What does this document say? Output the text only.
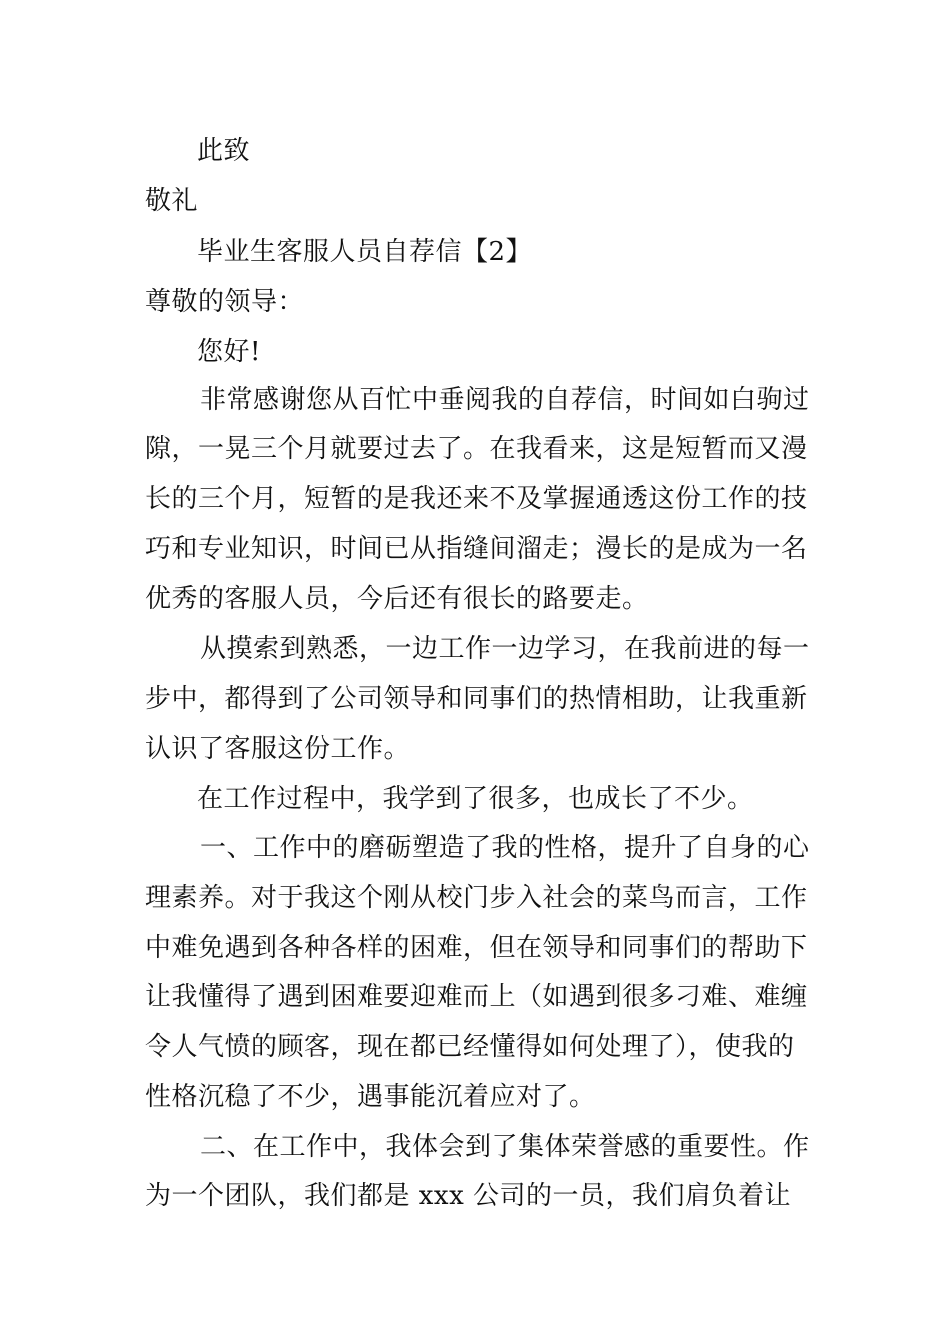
此致
敬礼
毕业生客服人员自荐信【2】
尊敬的领导：
您好!
非常感谢您从百忙中垂阅我的自荐信，时间如白驹过
隙，一晃三个月就要过去了。在我看来，这是短暂而又漫
长的三个月，短暂的是我还来不及掌握通透这份工作的技
巧和专业知识，时间已从指缝间溜走；漫长的是成为一名
优秀的客服人员，今后还有很长的路要走。
从摸索到熟悉，一边工作一边学习，在我前进的每一
步中，都得到了公司领导和同事们的热情相助，让我重新
认识了客服这份工作。
在工作过程中，我学到了很多，也成长了不少。
一、工作中的磨砺塑造了我的性格，提升了自身的心
理素养。对于我这个刚从校门步入社会的菜鸟而言，工作
中难免遇到各种各样的困难，但在领导和同事们的帮助下
让我懂得了遇到困难要迎难而上（如遇到很多刁难、难缠
令人气愤的顾客，现在都已经懂得如何处理了），使我的
性格沉稳了不少，遇事能沉着应对了。
二、在工作中，我体会到了集体荣誉感的重要性。作
为一个团队，我们都是 xxx 公司的一员，我们肩负着让
